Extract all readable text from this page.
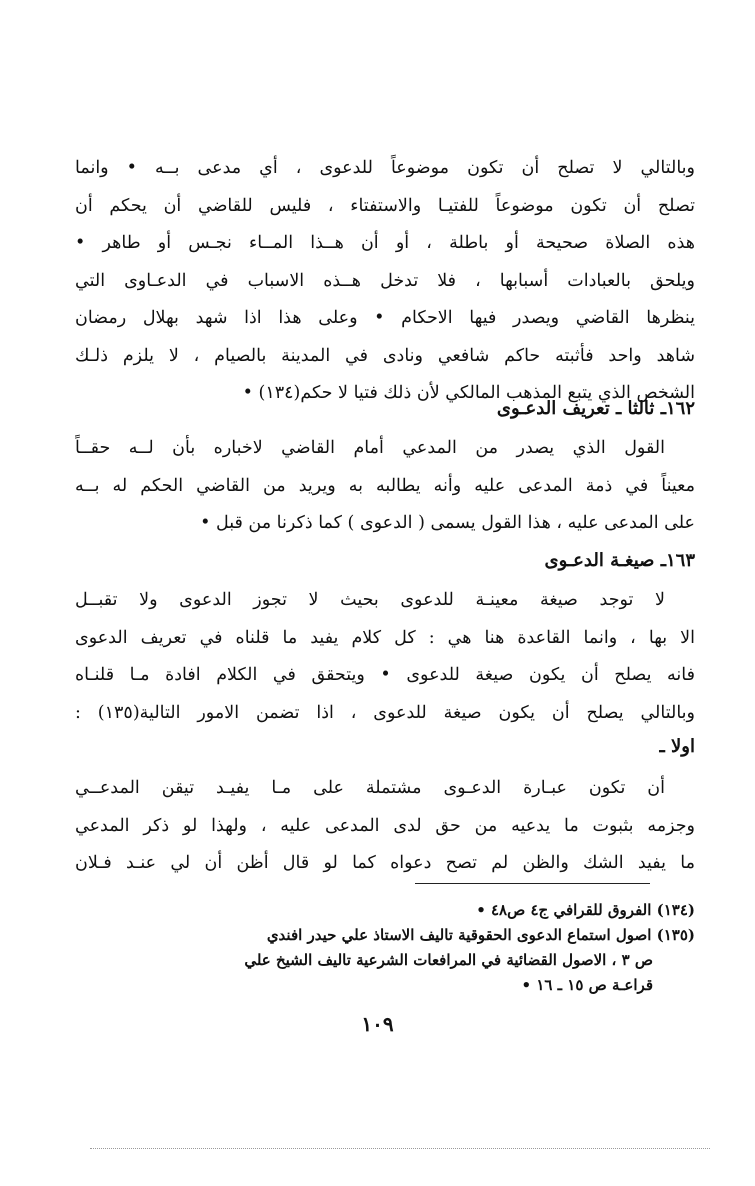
وبالتالي لا تصلح أن تكون موضوعاً للدعوى ، أي مدعى بــه • وانما
تصلح أن تكون موضوعاً للفتيـا والاستفتاء ، فليس للقاضي أن يحكم أن
هذه الصلاة صحيحة أو باطلة ، أو أن هــذا المــاء نجـس أو طاهر •
ويلحق بالعبادات أسبابها ، فلا تدخل هــذه الاسباب في الدعـاوى التي
ينظرها القاضي ويصدر فيها الاحكام • وعلى هذا اذا شهد بهلال رمضان
شاهد واحد فأثبته حاكم شافعي ونادى في المدينة بالصيام ، لا يلزم ذلـك
الشخص الذي يتبع المذهب المالكي لأن ذلك فتيا لا حكم(١٣٤) •
١٦٢ـ ثالثا ـ تعريف الدعـوى
القول الذي يصدر من المدعي أمام القاضي لاخباره بأن لــه حقــاً
معيناً في ذمة المدعى عليه وأنه يطالبه به ويريد من القاضي الحكم له بــه
على المدعى عليه ، هذا القول يسمى ( الدعوى ) كما ذكرنا من قبل •
١٦٣ـ صيغـة الدعـوى
لا توجد صيغة معينـة للدعوى بحيث لا تجوز الدعوى ولا تقبــل
الا بها ، وانما القاعدة هنا هي : كل كلام يفيد ما قلناه في تعريف الدعوى
فانه يصلح أن يكون صيغة للدعوى • ويتحقق في الكلام افادة مـا قلنـاه
وبالتالي يصلح أن يكون صيغة للدعوى ، اذا تضمن الامور التالية(١٣٥) :
اولا ـ
أن تكون عبـارة الدعـوى مشتملة على مـا يفيـد تيقن المدعــي
وجزمه بثبوت ما يدعيه من حق لدى المدعى عليه ، ولهذا لو ذكر المدعي
ما يفيد الشك والظن لم تصح دعواه كما لو قال أظن أن لي عنـد فـلان
(١٣٤) الفروق للقرافي ج٤ ص٤٨ •
(١٣٥) اصول استماع الدعوى الحقوقية تاليف الاستاذ علي حيدر افندي
ص ٣ ، الاصول القضائية في المرافعات الشرعية تاليف الشيخ علي
قراعـة ص ١٥ ـ ١٦ •
١٠٩
